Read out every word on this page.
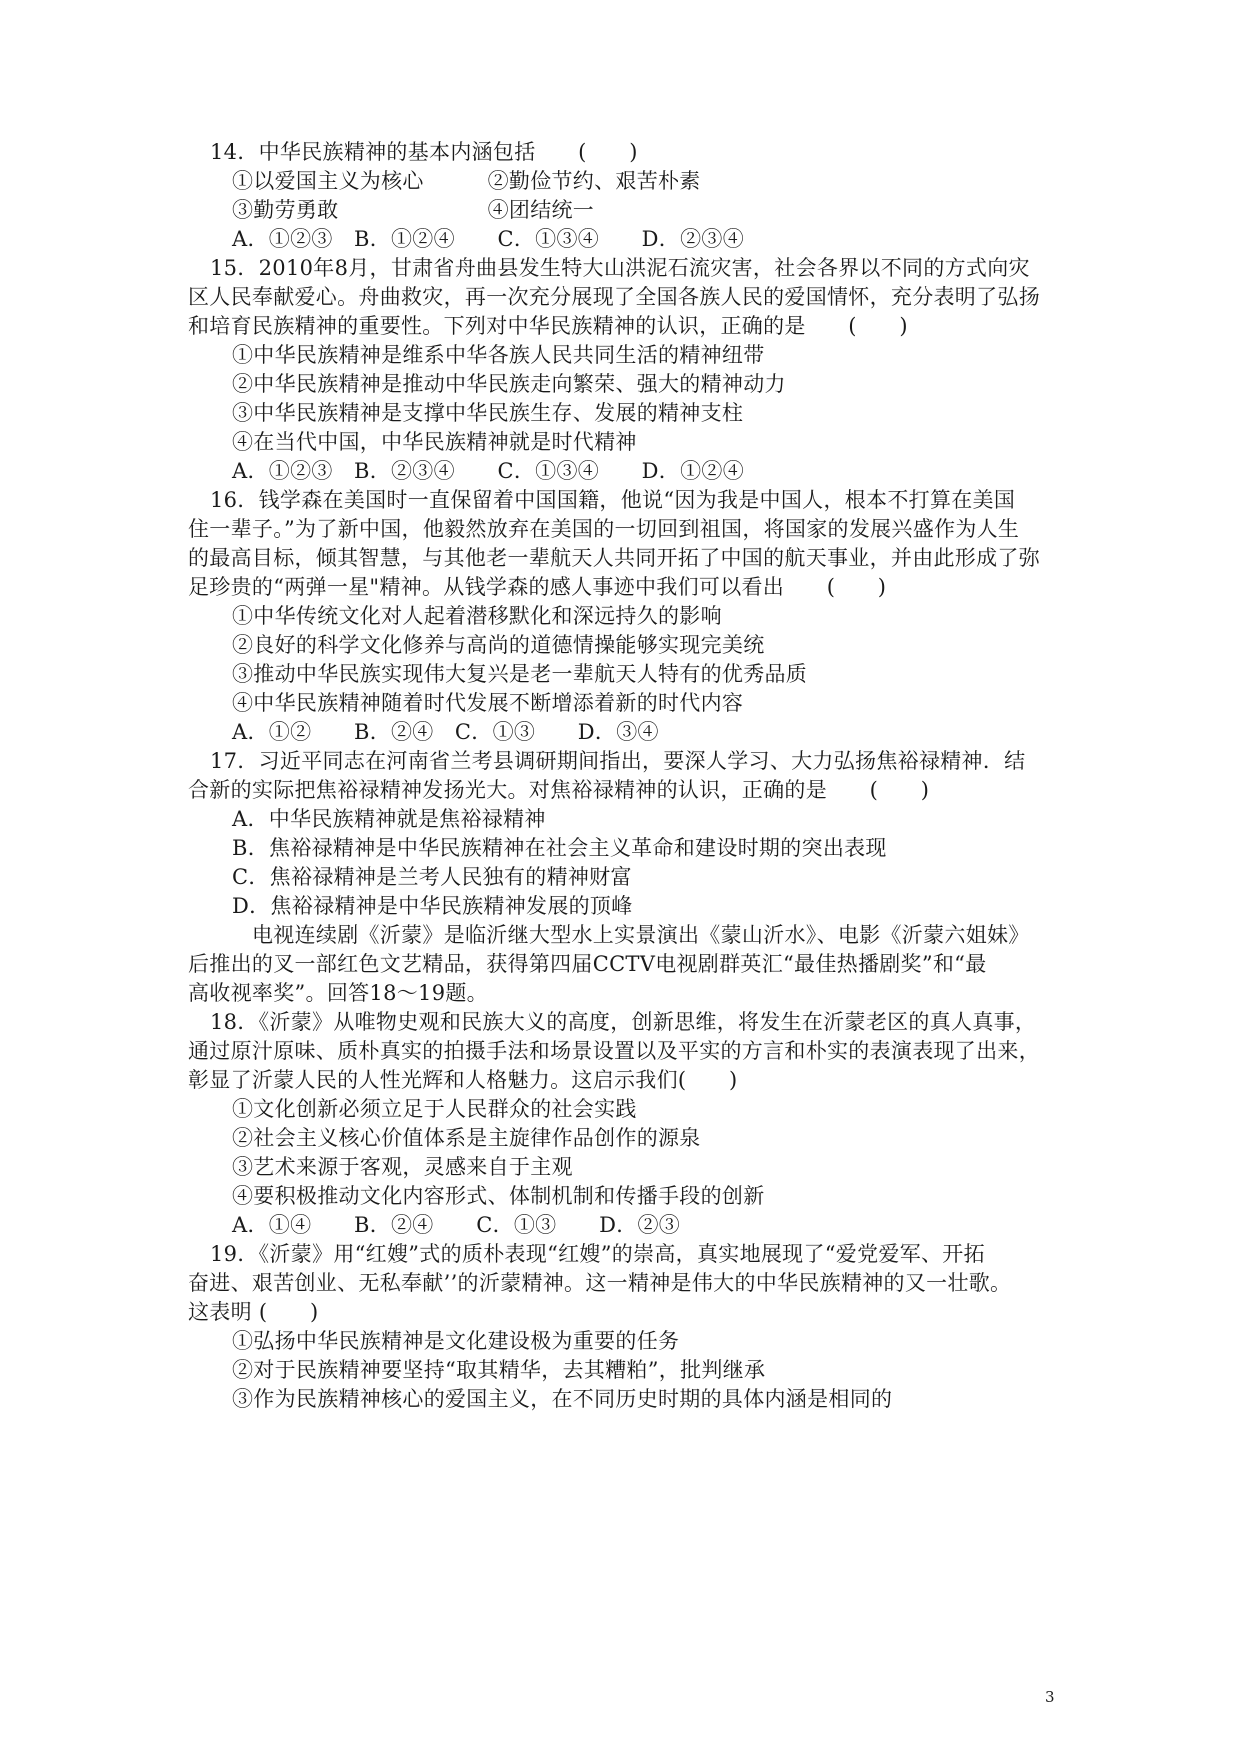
14．中华民族精神的基本内涵包括　　(　　)
①以爱国主义为核心　　　②勤俭节约、艰苦朴素
③勤劳勇敢　　　　　　　④团结统一
A．①②③　B．①②④　　C．①③④　　D．②③④
15．2010年8月，甘肃省舟曲县发生特大山洪泥石流灾害，社会各界以不同的方式向灾
区人民奉献爱心。舟曲救灾，再一次充分展现了全国各族人民的爱国情怀，充分表明了弘扬
和培育民族精神的重要性。下列对中华民族精神的认识，正确的是　　(　　)
①中华民族精神是维系中华各族人民共同生活的精神纽带
②中华民族精神是推动中华民族走向繁荣、强大的精神动力
③中华民族精神是支撑中华民族生存、发展的精神支柱
④在当代中国，中华民族精神就是时代精神
A．①②③　B．②③④　　C．①③④　　D．①②④
16．钱学森在美国时一直保留着中国国籍，他说“因为我是中国人，根本不打算在美国
住一辈子。”为了新中国，他毅然放弃在美国的一切回到祖国，将国家的发展兴盛作为人生
的最高目标，倾其智慧，与其他老一辈航天人共同开拓了中国的航天事业，并由此形成了弥
足珍贵的“两弹一星"精神。从钱学森的感人事迹中我们可以看出　　(　　)
①中华传统文化对人起着潜移默化和深远持久的影响
②良好的科学文化修养与高尚的道德情操能够实现完美统
③推动中华民族实现伟大复兴是老一辈航天人特有的优秀品质
④中华民族精神随着时代发展不断增添着新的时代内容
A．①②　　B．②④　C．①③　　D．③④
17．习近平同志在河南省兰考县调研期间指出，要深人学习、大力弘扬焦裕禄精神．结
合新的实际把焦裕禄精神发扬光大。对焦裕禄精神的认识，正确的是　　(　　)
A．中华民族精神就是焦裕禄精神
B．焦裕禄精神是中华民族精神在社会主义革命和建设时期的突出表现
C．焦裕禄精神是兰考人民独有的精神财富
D．焦裕禄精神是中华民族精神发展的顶峰
电视连续剧《沂蒙》是临沂继大型水上实景演出《蒙山沂水》、电影《沂蒙六姐妹》
后推出的叉一部红色文艺精品，获得第四届CCTV电视剧群英汇“最佳热播剧奖”和“最
高收视率奖”。回答18～19题。
18．《沂蒙》从唯物史观和民族大义的高度，创新思维，将发生在沂蒙老区的真人真事，
通过原汁原味、质朴真实的拍摄手法和场景设置以及平实的方言和朴实的表演表现了出来，
彰显了沂蒙人民的人性光辉和人格魅力。这启示我们(　　)
①文化创新必须立足于人民群众的社会实践
②社会主义核心价值体系是主旋律作品创作的源泉
③艺术来源于客观，灵感来自于主观
④要积极推动文化内容形式、体制机制和传播手段的创新
A．①④　　B．②④　　C．①③　　D．②③
19．《沂蒙》用“红嫂”式的质朴表现“红嫂”的崇高，真实地展现了“爱党爱军、开拓
奋进、艰苦创业、无私奉献’’的沂蒙精神。这一精神是伟大的中华民族精神的又一壮歌。
这表明 (　　)
①弘扬中华民族精神是文化建设极为重要的任务
②对于民族精神要坚持“取其精华，去其糟粕”，批判继承
③作为民族精神核心的爱国主义，在不同历史时期的具体内涵是相同的
3
